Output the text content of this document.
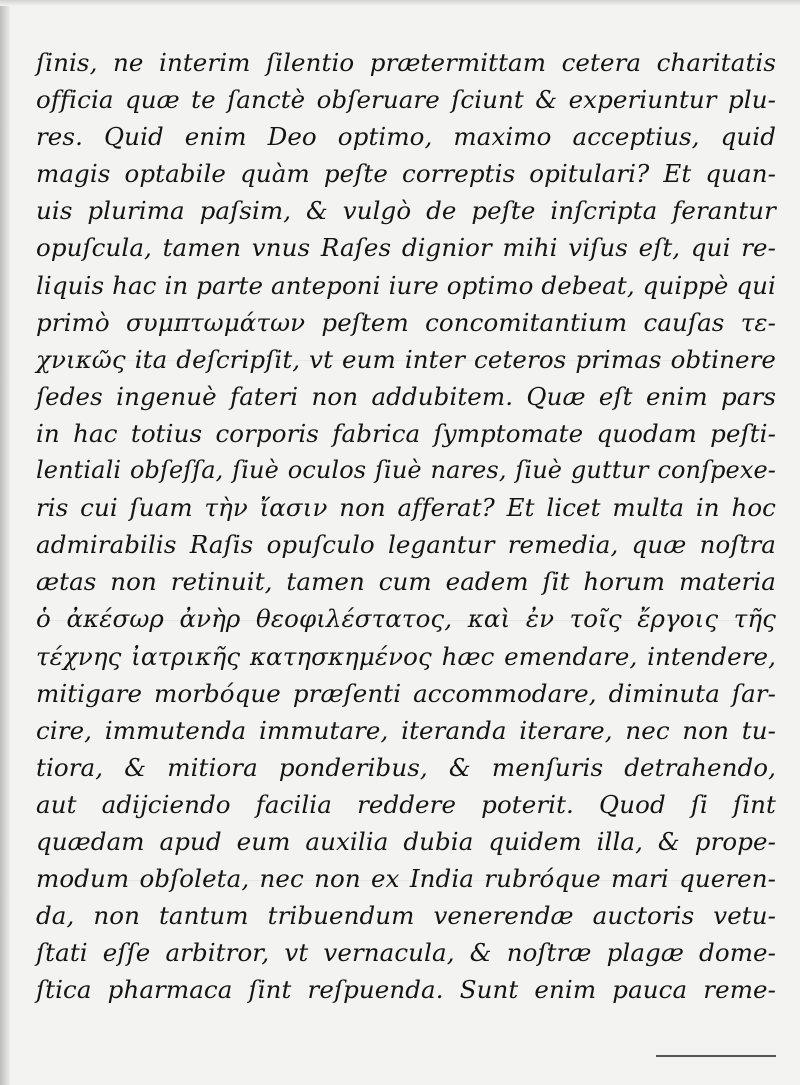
ſinis, ne interim ſilentio prætermittam cetera charitatis
officia quæ te ſanctè obſeruare ſciunt & experiuntur plu-
res. Quid enim Deo optimo, maximo acceptius, quid
magis optabile quàm peſte correptis opitulari? Et quan-
uis plurima paſsim, & vulgò de peſte inſcripta ferantur
opuſcula, tamen vnus Raſes dignior mihi viſus eſt, qui re-
liquis hac in parte anteponi iure optimo debeat, quippè qui
primò συμπτωμάτων peſtem concomitantium cauſas τε-
χνικῶς ita deſcripſit, vt eum inter ceteros primas obtinere
ſedes ingenuè fateri non addubitem. Quæ eſt enim pars
in hac totius corporis fabrica ſymptomate quodam peſti-
lentiali obſeſſa, ſiuè oculos ſiuè nares, ſiuè guttur conſpexe-
ris cui ſuam τὴν ἴασιν non afferat? Et licet multa in hoc
admirabilis Raſis opuſculo legantur remedia, quæ noſtra
ætas non retinuit, tamen cum eadem ſit horum materia
ὁ ἀκέσωρ ἀνὴρ θεοφιλέστατος, καὶ ἐν τοῖς ἔργοις τῆς
τέχνης ἰατρικῆς κατησκημένος hæc emendare, intendere,
mitigare morbóque præſenti accommodare, diminuta ſar-
cire, immutenda immutare, iteranda iterare, nec non tu-
tiora, & mitiora ponderibus, & menſuris detrahendo,
aut adijciendo facilia reddere poterit. Quod ſi ſint
quædam apud eum auxilia dubia quidem illa, & prope-
modum obſoleta, nec non ex India rubróque mari queren-
da, non tantum tribuendum venerendæ auctoris vetu-
ſtati eſſe arbitror, vt vernacula, & noſtræ plagæ dome-
ſtica pharmaca ſint reſpuenda. Sunt enim pauca reme-
